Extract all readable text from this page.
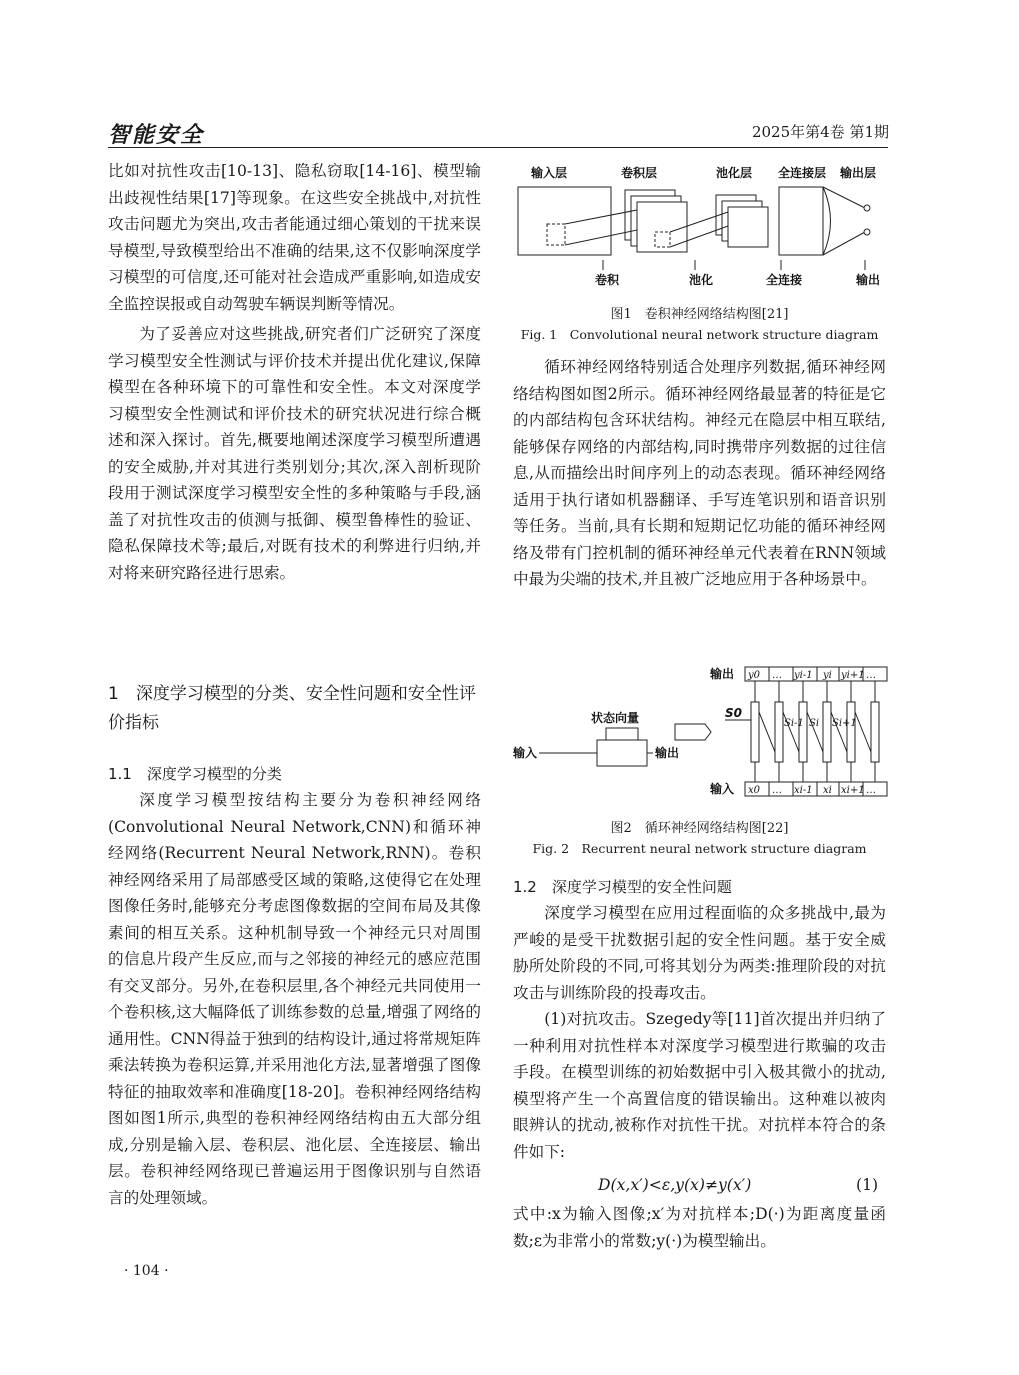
智能安全	2025年第4卷 第1期

比如对抗性攻击[10-13]、隐私窃取[14-16]、模型输出歧视性结果[17]等现象。在这些安全挑战中,对抗性攻击问题尤为突出,攻击者能通过细心策划的干扰来误导模型,导致模型给出不准确的结果,这不仅影响深度学习模型的可信度,还可能对社会造成严重影响,如造成安全监控误报或自动驾驶车辆误判断等情况。

为了妥善应对这些挑战,研究者们广泛研究了深度学习模型安全性测试与评价技术并提出优化建议,保障模型在各种环境下的可靠性和安全性。本文对深度学习模型安全性测试和评价技术的研究状况进行综合概述和深入探讨。首先,概要地阐述深度学习模型所遭遇的安全威胁,并对其进行类别划分;其次,深入剖析现阶段用于测试深度学习模型安全性的多种策略与手段,涵盖了对抗性攻击的侦测与抵御、模型鲁棒性的验证、隐私保障技术等;最后,对既有技术的利弊进行归纳,并对将来研究路径进行思索。

1　深度学习模型的分类、安全性问题和安全性评价指标
1.1　深度学习模型的分类

深度学习模型按结构主要分为卷积神经网络(Convolutional Neural Network,CNN)和循环神经网络(Recurrent Neural Network,RNN)。卷积神经网络采用了局部感受区域的策略,这使得它在处理图像任务时,能够充分考虑图像数据的空间布局及其像素间的相互关系。这种机制导致一个神经元只对周围的信息片段产生反应,而与之邻接的神经元的感应范围有交叉部分。另外,在卷积层里,各个神经元共同使用一个卷积核,这大幅降低了训练参数的总量,增强了网络的通用性。CNN得益于独到的结构设计,通过将常规矩阵乘法转换为卷积运算,并采用池化方法,显著增强了图像特征的抽取效率和准确度[18-20]。卷积神经网络结构图如图1所示,典型的卷积神经网络结构由五大部分组成,分别是输入层、卷积层、池化层、全连接层、输出层。卷积神经网络现已普遍运用于图像识别与自然语言的处理领域。

· 104 ·
输入层	卷积层	池化层 全连接层 输出层
卷积	池化	全连接	输出
图1　卷积神经网络结构图[21]
Fig. 1　Convolutional neural network structure diagram

循环神经网络特别适合处理序列数据,循环神经网络结构图如图2所示。循环神经网络最显著的特征是它的内部结构包含环状结构。神经元在隐层中相互联结,能够保存网络的内部结构,同时携带序列数据的过往信息,从而描绘出时间序列上的动态表现。循环神经网络适用于执行诸如机器翻译、手写连笔识别和语音识别等任务。当前,具有长期和短期记忆功能的循环神经网络及带有门控机制的循环神经单元代表着在RNN领域中最为尖端的技术,并且被广泛地应用于各种场景中。

输出
输入
状态向量
输入	输出
S0
y0 … yi-1 yi yi+1 …
x0 … xi-1 xi xi+1 …
Si-1 Si Si+1
图2　循环神经网络结构图[22]
Fig. 2　Recurrent neural network structure diagram
1.2　深度学习模型的安全性问题

深度学习模型在应用过程面临的众多挑战中,最为严峻的是受干扰数据引起的安全性问题。基于安全威胁所处阶段的不同,可将其划分为两类:推理阶段的对抗攻击与训练阶段的投毒攻击。

(1)对抗攻击。Szegedy等[11]首次提出并归纳了一种利用对抗性样本对深度学习模型进行欺骗的攻击手段。在模型训练的初始数据中引入极其微小的扰动,模型将产生一个高置信度的错误输出。这种难以被肉眼辨认的扰动,被称作对抗性干扰。对抗样本符合的条件如下:

D(x,x′)<ε,y(x)≠y(x′)	(1)

式中:x为输入图像;x′为对抗样本;D(·)为距离度量函数;ε为非常小的常数;y(·)为模型输出。
